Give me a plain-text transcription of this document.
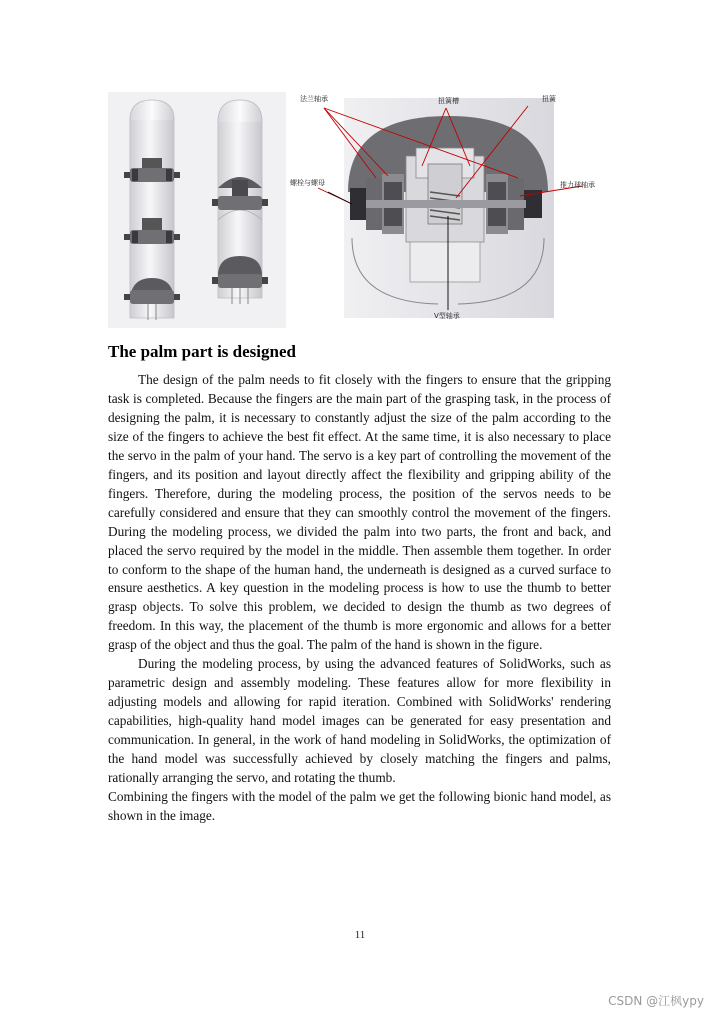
法兰轴承	扭簧槽	扭簧
螺栓与螺母	推力球轴承
V型轴承
The palm part is designed

The design of the palm needs to fit closely with the fingers to ensure that the gripping task is completed. Because the fingers are the main part of the grasping task, in the process of designing the palm, it is necessary to constantly adjust the size of the palm according to the size of the fingers to achieve the best fit effect. At the same time, it is also necessary to place the servo in the palm of your hand. The servo is a key part of controlling the movement of the fingers, and its position and layout directly affect the flexibility and gripping ability of the fingers. Therefore, during the modeling process, the position of the servos needs to be carefully considered and ensure that they can smoothly control the movement of the fingers. During the modeling process, we divided the palm into two parts, the front and back, and placed the servo required by the model in the middle. Then assemble them together. In order to conform to the shape of the human hand, the underneath is designed as a curved surface to ensure aesthetics. A key question in the modeling process is how to use the thumb to better grasp objects. To solve this problem, we decided to design the thumb as two degrees of freedom. In this way, the placement of the thumb is more ergonomic and allows for a better grasp of the object and thus the goal. The palm of the hand is shown in the figure.

During the modeling process, by using the advanced features of SolidWorks, such as parametric design and assembly modeling. These features allow for more flexibility in adjusting models and allowing for rapid iteration. Combined with SolidWorks' rendering capabilities, high-quality hand model images can be generated for easy presentation and communication. In general, in the work of hand modeling in SolidWorks, the optimization of the hand model was successfully achieved by closely matching the fingers and palms, rationally arranging the servo, and rotating the thumb.

Combining the fingers with the model of the palm we get the following bionic hand model, as shown in the image.

11
CSDN @江枫ypy
